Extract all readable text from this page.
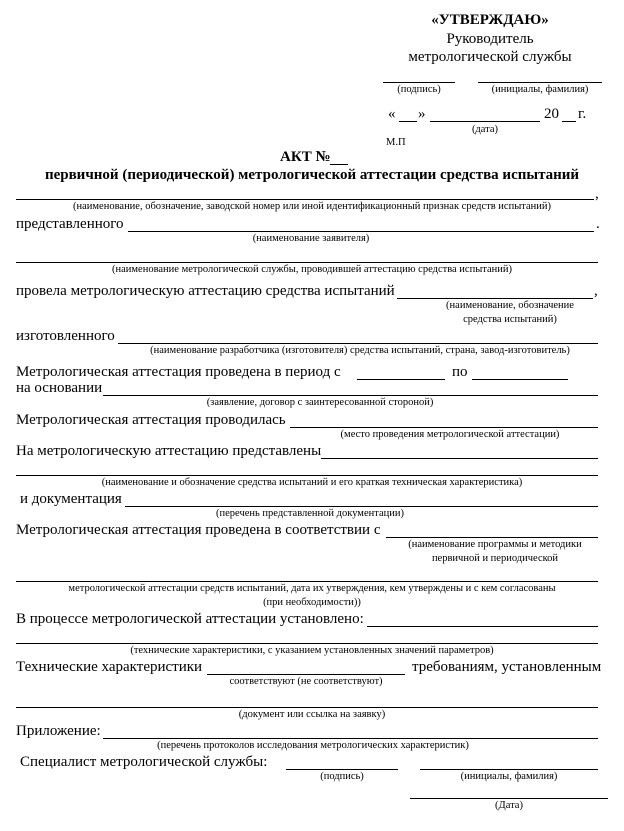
«УТВЕРЖДАЮ»
Руководитель
метрологической службы
(подпись)	(инициалы, фамилия)
« »	20 г.
(дата)
М.П
АКТ №
первичной (периодической) метрологической аттестации средства испытаний
,
(наименование, обозначение, заводской номер или иной идентификационный признак средств испытаний)
представленного	.
(наименование заявителя)
(наименование метрологической службы, проводившей аттестацию средства испытаний)
провела метрологическую аттестацию средства испытаний	,
(наименование, обозначение
средства испытаний)
изготовленного
(наименование разработчика (изготовителя) средства испытаний, страна, завод-изготовитель)
Метрологическая аттестация проведена в период с	по
на основании
(заявление, договор с заинтересованной стороной)
Метрологическая аттестация проводилась
(место проведения метрологической аттестации)
На метрологическую аттестацию представлены
(наименование и обозначение средства испытаний и его краткая техническая характеристика)
и документация
(перечень представленной документации)
Метрологическая аттестация проведена в соответствии с
(наименование программы и методики
первичной и периодической
метрологической аттестации средств испытаний, дата их утверждения, кем утверждены и с кем согласованы
(при необходимости))
В процессе метрологической аттестации установлено:
(технические характеристики, с указанием установленных значений параметров)
Технические характеристики	требованиям, установленным
соответствуют (не соответствуют)
(документ или ссылка на заявку)
Приложение:
(перечень протоколов исследования метрологических характеристик)
Специалист метрологической службы:
(подпись)	(инициалы, фамилия)
(Дата)
